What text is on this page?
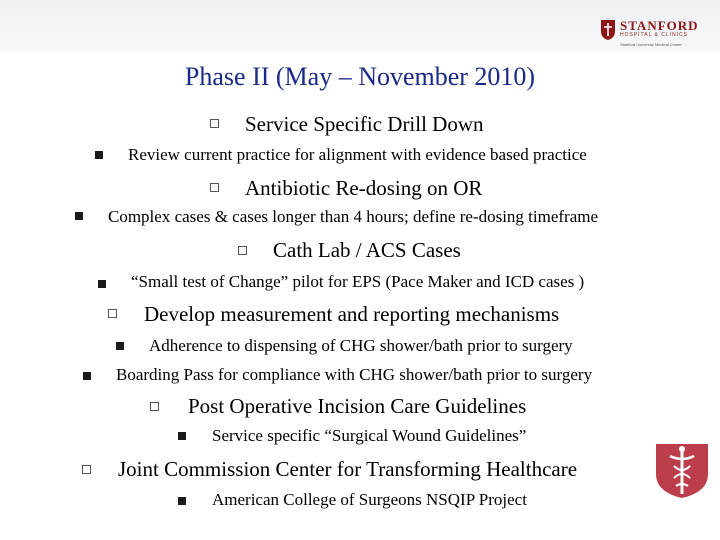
STANFORD
HOSPITAL & CLINICS
Stanford University Medical Center
Phase II (May – November 2010)
Service Specific Drill Down
Review current practice for alignment with evidence based practice
Antibiotic Re-dosing on OR
Complex cases & cases longer than 4 hours; define re-dosing timeframe
Cath Lab / ACS Cases
“Small test of Change” pilot for EPS (Pace Maker and ICD cases )
Develop measurement and reporting mechanisms
Adherence to dispensing of CHG shower/bath prior to surgery
Boarding Pass for compliance with CHG shower/bath prior to surgery
Post Operative Incision Care Guidelines
Service specific “Surgical Wound Guidelines”
Joint Commission Center for Transforming Healthcare
American College of Surgeons NSQIP Project
